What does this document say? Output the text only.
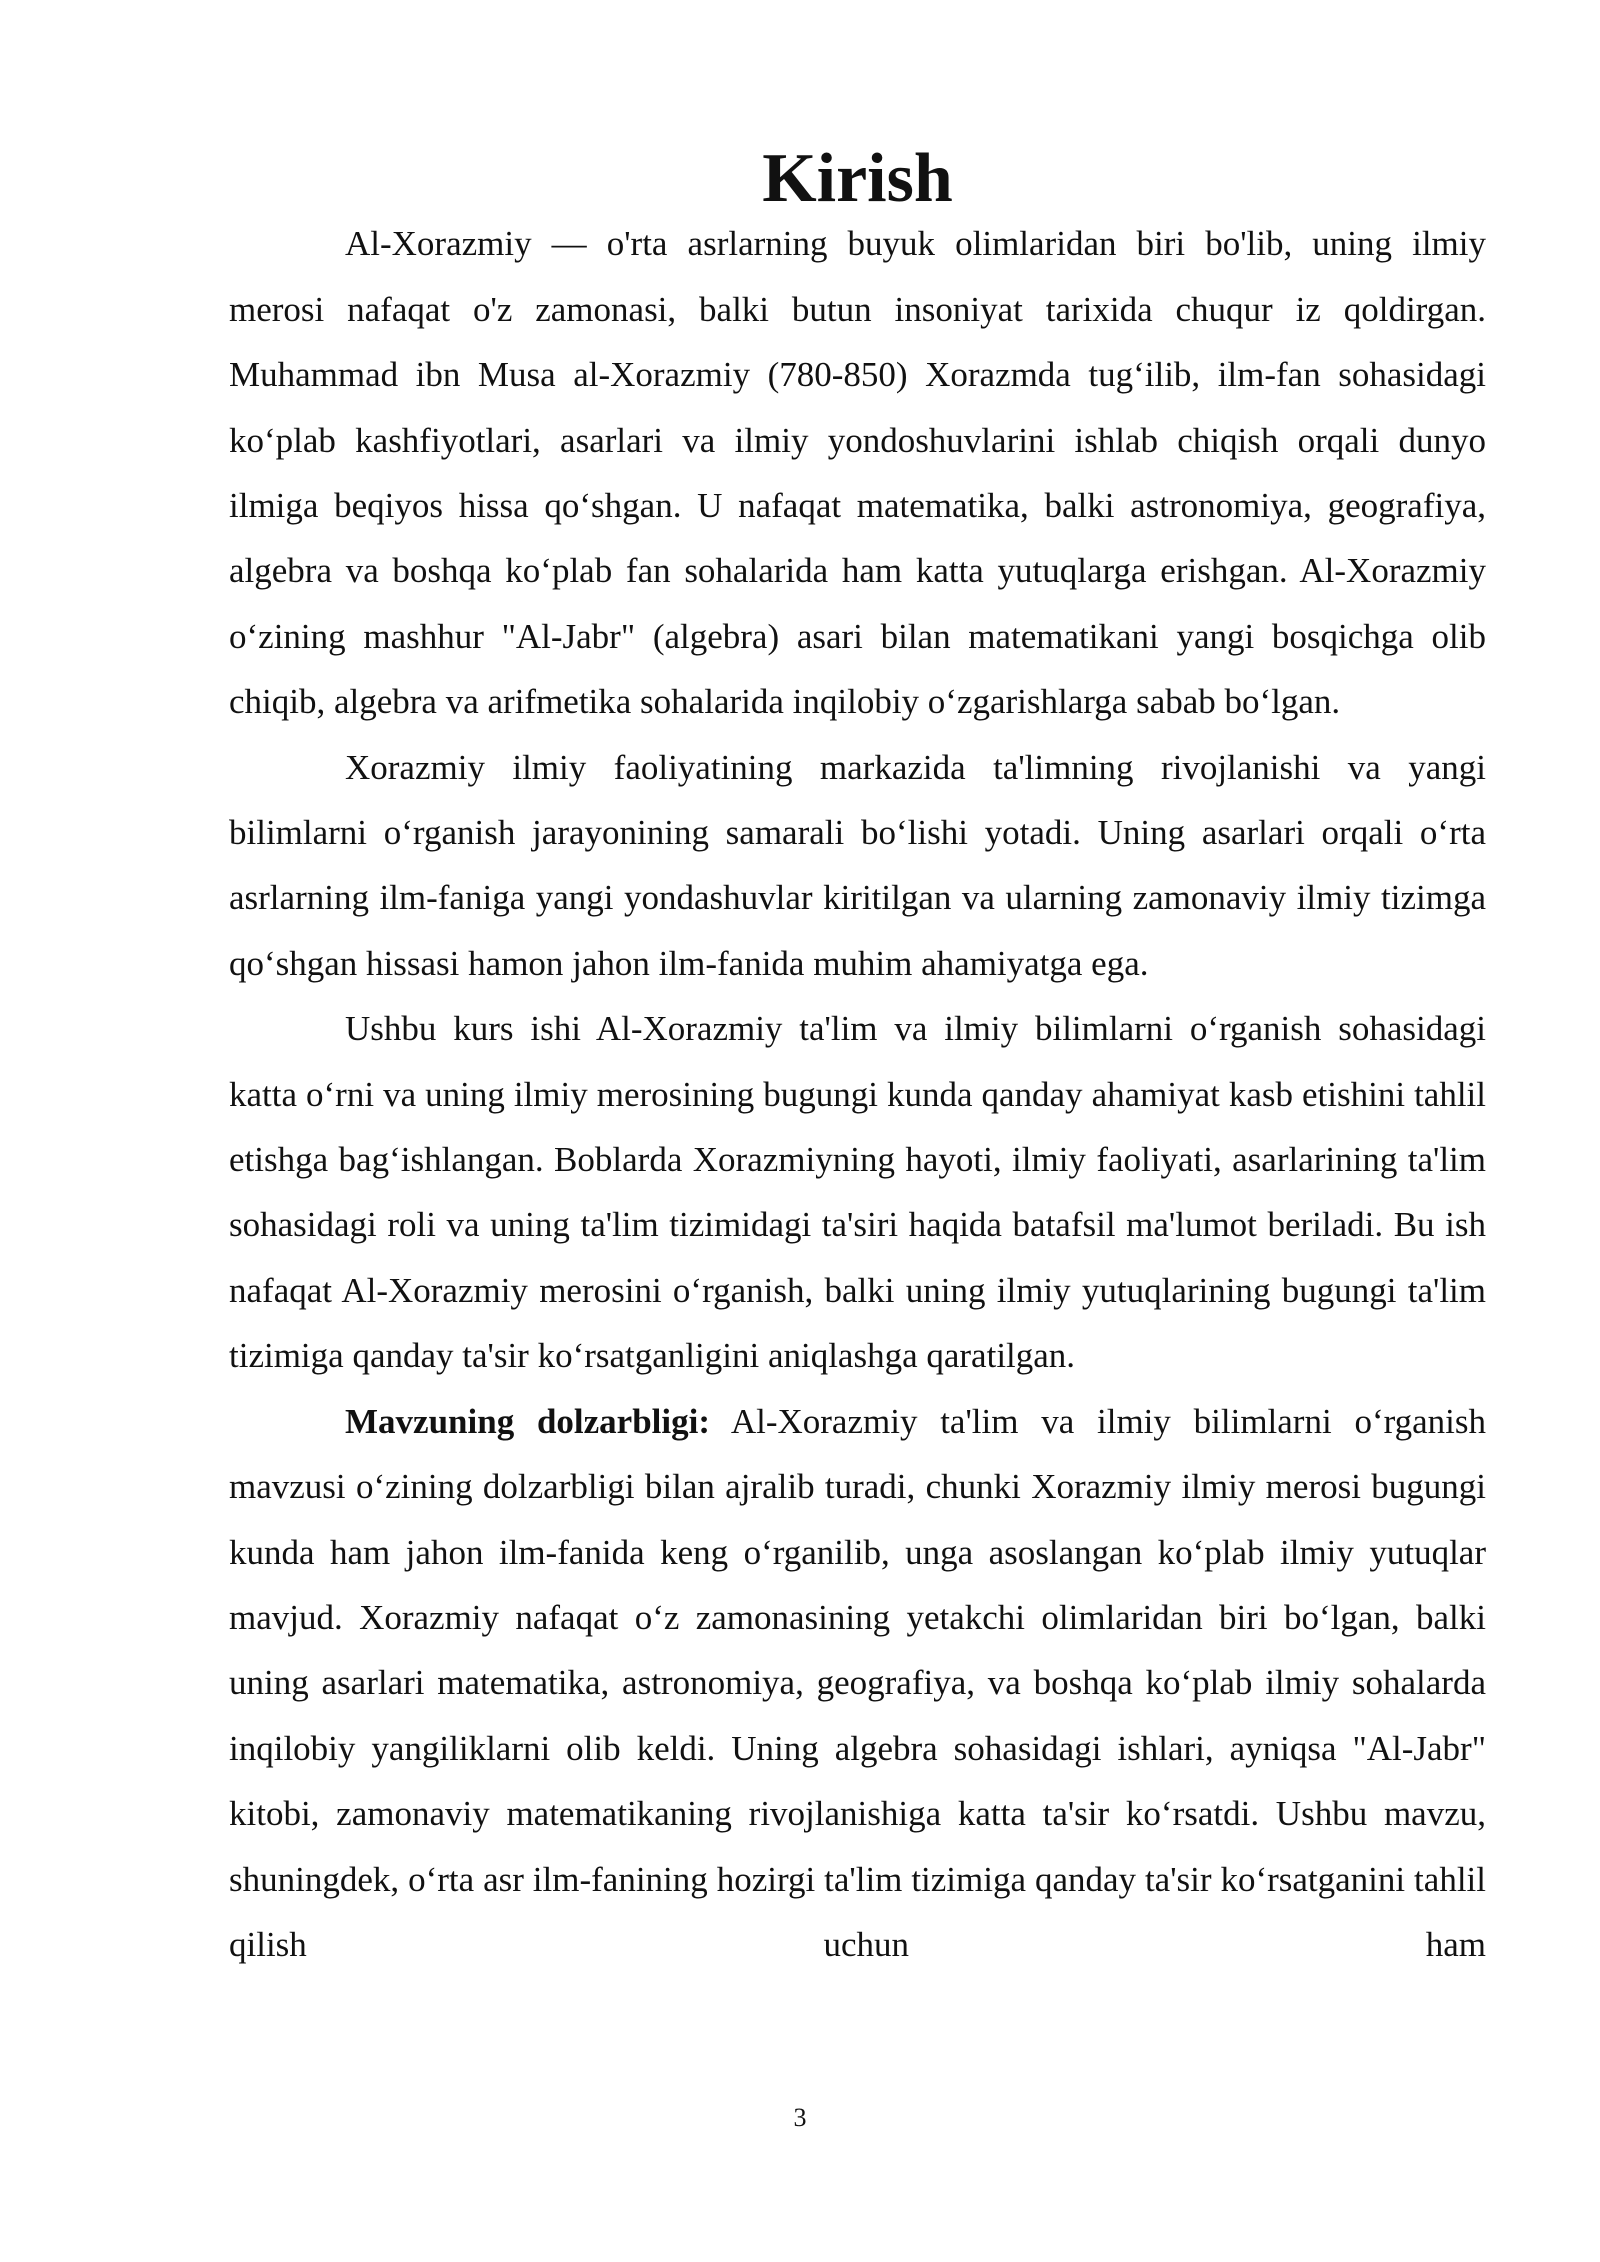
Kirish

Al-Xorazmiy — o'rta asrlarning buyuk olimlaridan biri bo'lib, uning ilmiy merosi nafaqat o'z zamonasi, balki butun insoniyat tarixida chuqur iz qoldirgan. Muhammad ibn Musa al-Xorazmiy (780-850) Xorazmda tug‘ilib, ilm-fan sohasidagi ko‘plab kashfiyotlari, asarlari va ilmiy yondoshuvlarini ishlab chiqish orqali dunyo ilmiga beqiyos hissa qo‘shgan. U nafaqat matematika, balki astronomiya, geografiya, algebra va boshqa ko‘plab fan sohalarida ham katta yutuqlarga erishgan. Al-Xorazmiy o‘zining mashhur "Al-Jabr" (algebra) asari bilan matematikani yangi bosqichga olib chiqib, algebra va arifmetika sohalarida inqilobiy o‘zgarishlarga sabab bo‘lgan.

Xorazmiy ilmiy faoliyatining markazida ta'limning rivojlanishi va yangi bilimlarni o‘rganish jarayonining samarali bo‘lishi yotadi. Uning asarlari orqali o‘rta asrlarning ilm-faniga yangi yondashuvlar kiritilgan va ularning zamonaviy ilmiy tizimga qo‘shgan hissasi hamon jahon ilm-fanida muhim ahamiyatga ega.

Ushbu kurs ishi Al-Xorazmiy ta'lim va ilmiy bilimlarni o‘rganish sohasidagi katta o‘rni va uning ilmiy merosining bugungi kunda qanday ahamiyat kasb etishini tahlil etishga bag‘ishlangan. Boblarda Xorazmiyning hayoti, ilmiy faoliyati, asarlarining ta'lim sohasidagi roli va uning ta'lim tizimidagi ta'siri haqida batafsil ma'lumot beriladi. Bu ish nafaqat Al-Xorazmiy merosini o‘rganish, balki uning ilmiy yutuqlarining bugungi ta'lim tizimiga qanday ta'sir ko‘rsatganligini aniqlashga qaratilgan.

Mavzuning dolzarbligi: Al-Xorazmiy ta'lim va ilmiy bilimlarni o‘rganish mavzusi o‘zining dolzarbligi bilan ajralib turadi, chunki Xorazmiy ilmiy merosi bugungi kunda ham jahon ilm-fanida keng o‘rganilib, unga asoslangan ko‘plab ilmiy yutuqlar mavjud. Xorazmiy nafaqat o‘z zamonasining yetakchi olimlaridan biri bo‘lgan, balki uning asarlari matematika, astronomiya, geografiya, va boshqa ko‘plab ilmiy sohalarda inqilobiy yangiliklarni olib keldi. Uning algebra sohasidagi ishlari, ayniqsa "Al-Jabr" kitobi, zamonaviy matematikaning rivojlanishiga katta ta'sir ko‘rsatdi. Ushbu mavzu, shuningdek, o‘rta asr ilm-fanining hozirgi ta'lim tizimiga qanday ta'sir ko‘rsatganini tahlil qilish uchun ham

3
